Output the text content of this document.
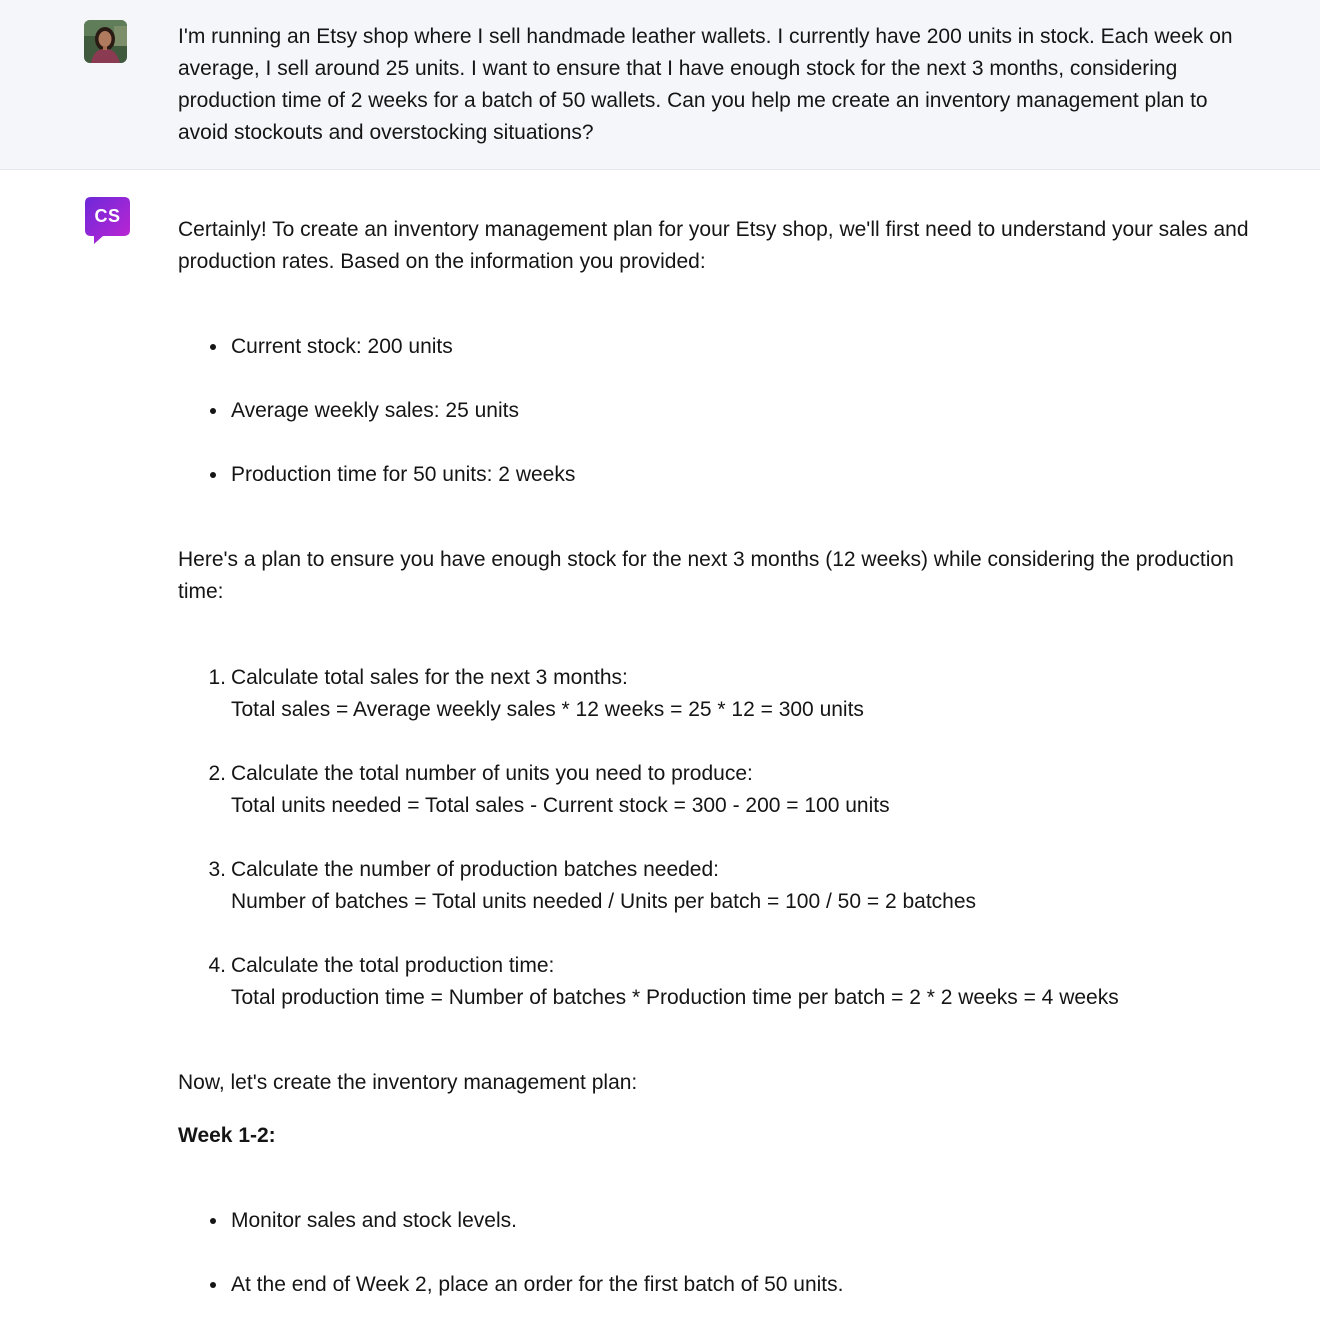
I'm running an Etsy shop where I sell handmade leather wallets. I currently have 200 units in stock. Each week on average, I sell around 25 units. I want to ensure that I have enough stock for the next 3 months, considering production time of 2 weeks for a batch of 50 wallets. Can you help me create an inventory management plan to avoid stockouts and overstocking situations?
CS
Certainly! To create an inventory management plan for your Etsy shop, we'll first need to understand your sales and production rates. Based on the information you provided:
Current stock: 200 units
Average weekly sales: 25 units
Production time for 50 units: 2 weeks
Here's a plan to ensure you have enough stock for the next 3 months (12 weeks) while considering the production time:
1. Calculate total sales for the next 3 months:
Total sales = Average weekly sales * 12 weeks = 25 * 12 = 300 units
2. Calculate the total number of units you need to produce:
Total units needed = Total sales - Current stock = 300 - 200 = 100 units
3. Calculate the number of production batches needed:
Number of batches = Total units needed / Units per batch = 100 / 50 = 2 batches
4. Calculate the total production time:
Total production time = Number of batches * Production time per batch = 2 * 2 weeks = 4 weeks
Now, let's create the inventory management plan:
Week 1-2:
Monitor sales and stock levels.
At the end of Week 2, place an order for the first batch of 50 units.
